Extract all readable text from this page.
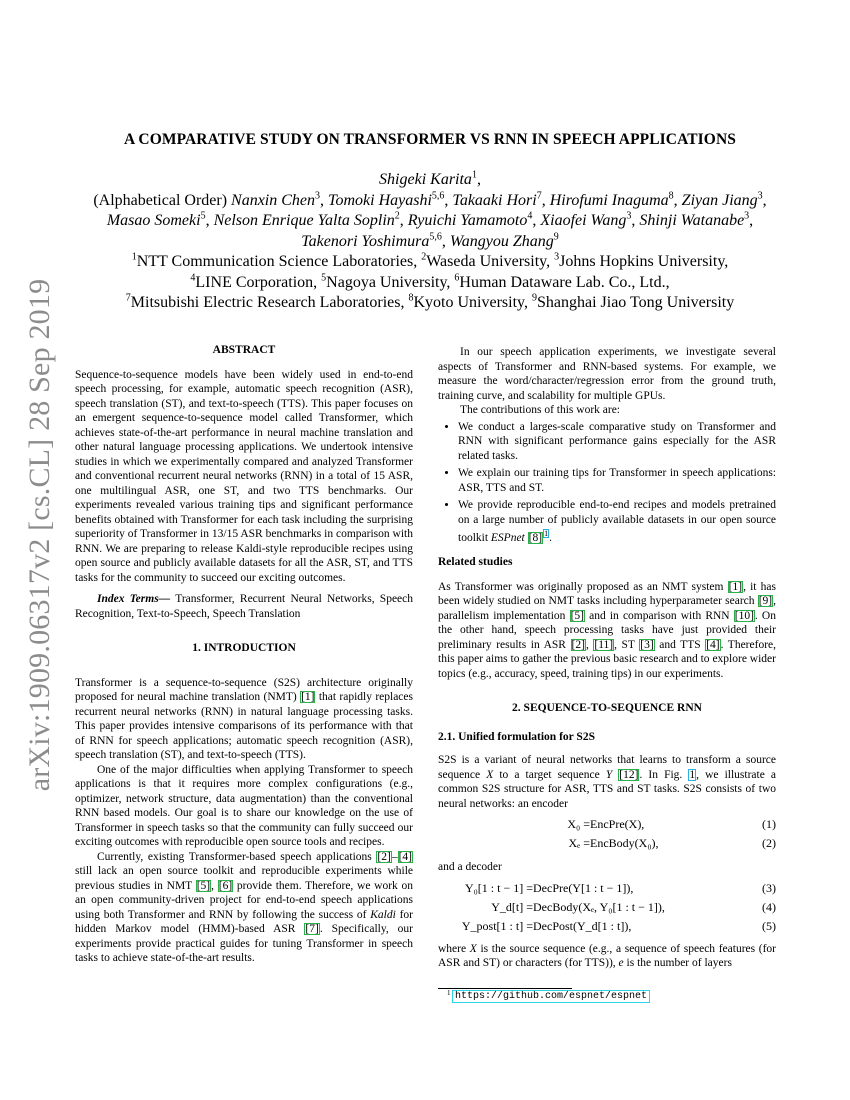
arXiv:1909.06317v2 [cs.CL] 28 Sep 2019
A COMPARATIVE STUDY ON TRANSFORMER VS RNN IN SPEECH APPLICATIONS
Shigeki Karita$^1$,
(Alphabetical Order) Nanxin Chen$^3$, Tomoki Hayashi$^{5,6}$, Takaaki Hori$^7$, Hirofumi Inaguma$^8$, Ziyan Jiang$^3$,
Masao Someki$^5$, Nelson Enrique Yalta Soplin$^2$, Ryuichi Yamamoto$^4$, Xiaofei Wang$^3$, Shinji Watanabe$^3$,
Takenori Yoshimura$^{5,6}$, Wangyou Zhang$^9$
$^1$NTT Communication Science Laboratories, $^2$Waseda University, $^3$Johns Hopkins University,
$^4$LINE Corporation, $^5$Nagoya University, $^6$Human Dataware Lab. Co., Ltd.,
$^7$Mitsubishi Electric Research Laboratories, $^8$Kyoto University, $^9$Shanghai Jiao Tong University
ABSTRACT

Sequence-to-sequence models have been widely used in end-to-end speech processing, for example, automatic speech recognition (ASR), speech translation (ST), and text-to-speech (TTS). This paper focuses on an emergent sequence-to-sequence model called Transformer, which achieves state-of-the-art performance in neural machine translation and other natural language processing applications. We undertook intensive studies in which we experimentally compared and analyzed Transformer and conventional recurrent neural networks (RNN) in a total of 15 ASR, one multilingual ASR, one ST, and two TTS benchmarks. Our experiments revealed various training tips and significant performance benefits obtained with Transformer for each task including the surprising superiority of Transformer in 13/15 ASR benchmarks in comparison with RNN. We are preparing to release Kaldi-style reproducible recipes using open source and publicly available datasets for all the ASR, ST, and TTS tasks for the community to succeed our exciting outcomes.

Index Terms— Transformer, Recurrent Neural Networks, Speech Recognition, Text-to-Speech, Speech Translation

1. INTRODUCTION

Transformer is a sequence-to-sequence (S2S) architecture originally proposed for neural machine translation (NMT) [1] that rapidly replaces recurrent neural networks (RNN) in natural language processing tasks. This paper provides intensive comparisons of its performance with that of RNN for speech applications; automatic speech recognition (ASR), speech translation (ST), and text-to-speech (TTS).

One of the major difficulties when applying Transformer to speech applications is that it requires more complex configurations (e.g., optimizer, network structure, data augmentation) than the conventional RNN based models. Our goal is to share our knowledge on the use of Transformer in speech tasks so that the community can fully succeed our exciting outcomes with reproducible open source tools and recipes.

Currently, existing Transformer-based speech applications [2]–[4] still lack an open source toolkit and reproducible experiments while previous studies in NMT [5], [6] provide them. Therefore, we work on an open community-driven project for end-to-end speech applications using both Transformer and RNN by following the success of Kaldi for hidden Markov model (HMM)-based ASR [7]. Specifically, our experiments provide practical guides for tuning Transformer in speech tasks to achieve state-of-the-art results.

In our speech application experiments, we investigate several aspects of Transformer and RNN-based systems. For example, we measure the word/character/regression error from the ground truth, training curve, and scalability for multiple GPUs.

The contributions of this work are:

• We conduct a larges-scale comparative study on Transformer and RNN with significant performance gains especially for the ASR related tasks.
• We explain our training tips for Transformer in speech applications: ASR, TTS and ST.
• We provide reproducible end-to-end recipes and models pretrained on a large number of publicly available datasets in our open source toolkit ESPnet [8] $^1$.

Related studies

As Transformer was originally proposed as an NMT system [1], it has been widely studied on NMT tasks including hyperparameter search [9], parallelism implementation [5] and in comparison with RNN [10]. On the other hand, speech processing tasks have just provided their preliminary results in ASR [2], [11], ST [3] and TTS [4]. Therefore, this paper aims to gather the previous basic research and to explore wider topics (e.g., accuracy, speed, training tips) in our experiments.

2. SEQUENCE-TO-SEQUENCE RNN

2.1. Unified formulation for S2S

S2S is a variant of neural networks that learns to transform a source sequence X to a target sequence Y [12]. In Fig. 1, we illustrate a common S2S structure for ASR, TTS and ST tasks. S2S consists of two neural networks: an encoder

X₀ = EncPre(X),	(1)
Xₑ = EncBody(X₀),	(2)

and a decoder

Y₀[1 : t − 1] = DecPre(Y[1 : t − 1]),	(3)
Y_d[t] = DecBody(Xₑ, Y₀[1 : t − 1]),	(4)
Y_post[1 : t] = DecPost(Y_d[1 : t]),	(5)

where X is the source sequence (e.g., a sequence of speech features (for ASR and ST) or characters (for TTS)), e is the number of layers

1 https://github.com/espnet/espnet
